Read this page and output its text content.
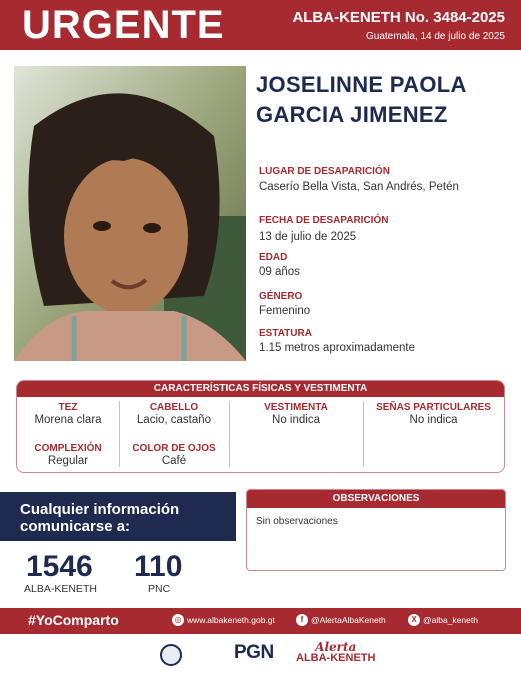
URGENTE	ALBA-KENETH No. 3484-2025
Guatemala, 14 de julio de 2025
JOSELINNE PAOLA
GARCIA JIMENEZ
LUGAR DE DESAPARICIÓN
Caserío Bella Vista, San Andrés, Petén
FECHA DE DESAPARICIÓN
13 de julio de 2025
EDAD
09 años
GÉNERO
Femenino
ESTATURA
1.15 metros aproximadamente
CARACTERÍSTICAS FÍSICAS Y VESTIMENTA
TEZ
Morena clara
CABELLO
Lacio, castaño
VESTIMENTA
No indica
SEÑAS PARTICULARES
No indica
COMPLEXIÓN
Regular
COLOR DE OJOS
Café
Cualquier información
comunicarse a:
1546
ALBA-KENETH
110
PNC
OBSERVACIONES
Sin observaciones
#YoComparto	◎ www.albakeneth.gob.gt	f @AlertaAlbaKeneth	X @alba_keneth
PGN	Alerta
ALBA-KENETH
